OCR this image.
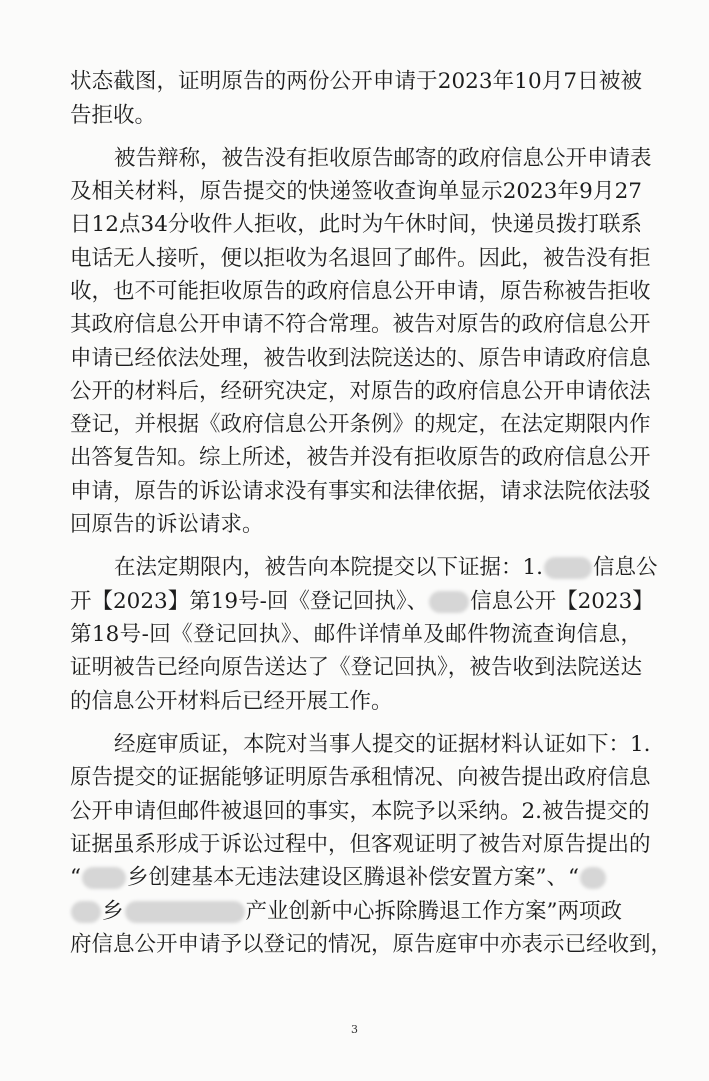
状态截图，证明原告的两份公开申请于2023年10月7日被被
告拒收。
被告辩称，被告没有拒收原告邮寄的政府信息公开申请表
及相关材料，原告提交的快递签收查询单显示2023年9月27
日12点34分收件人拒收，此时为午休时间，快递员拨打联系
电话无人接听，便以拒收为名退回了邮件。因此，被告没有拒
收，也不可能拒收原告的政府信息公开申请，原告称被告拒收
其政府信息公开申请不符合常理。被告对原告的政府信息公开
申请已经依法处理，被告收到法院送达的、原告申请政府信息
公开的材料后，经研究决定，对原告的政府信息公开申请依法
登记，并根据《政府信息公开条例》的规定，在法定期限内作
出答复告知。综上所述，被告并没有拒收原告的政府信息公开
申请，原告的诉讼请求没有事实和法律依据，请求法院依法驳
回原告的诉讼请求。
在法定期限内，被告向本院提交以下证据：1. 信息公
开【2023】第19号-回《登记回执》、 信息公开【2023】
第18号-回《登记回执》、邮件详情单及邮件物流查询信息，
证明被告已经向原告送达了《登记回执》，被告收到法院送达
的信息公开材料后已经开展工作。
经庭审质证，本院对当事人提交的证据材料认证如下：1.
原告提交的证据能够证明原告承租情况、向被告提出政府信息
公开申请但邮件被退回的事实，本院予以采纳。2.被告提交的
证据虽系形成于诉讼过程中，但客观证明了被告对原告提出的
“ 乡创建基本无违法建设区腾退补偿安置方案”、“
乡	产业创新中心拆除腾退工作方案”两项政
府信息公开申请予以登记的情况，原告庭审中亦表示已经收到，
3
